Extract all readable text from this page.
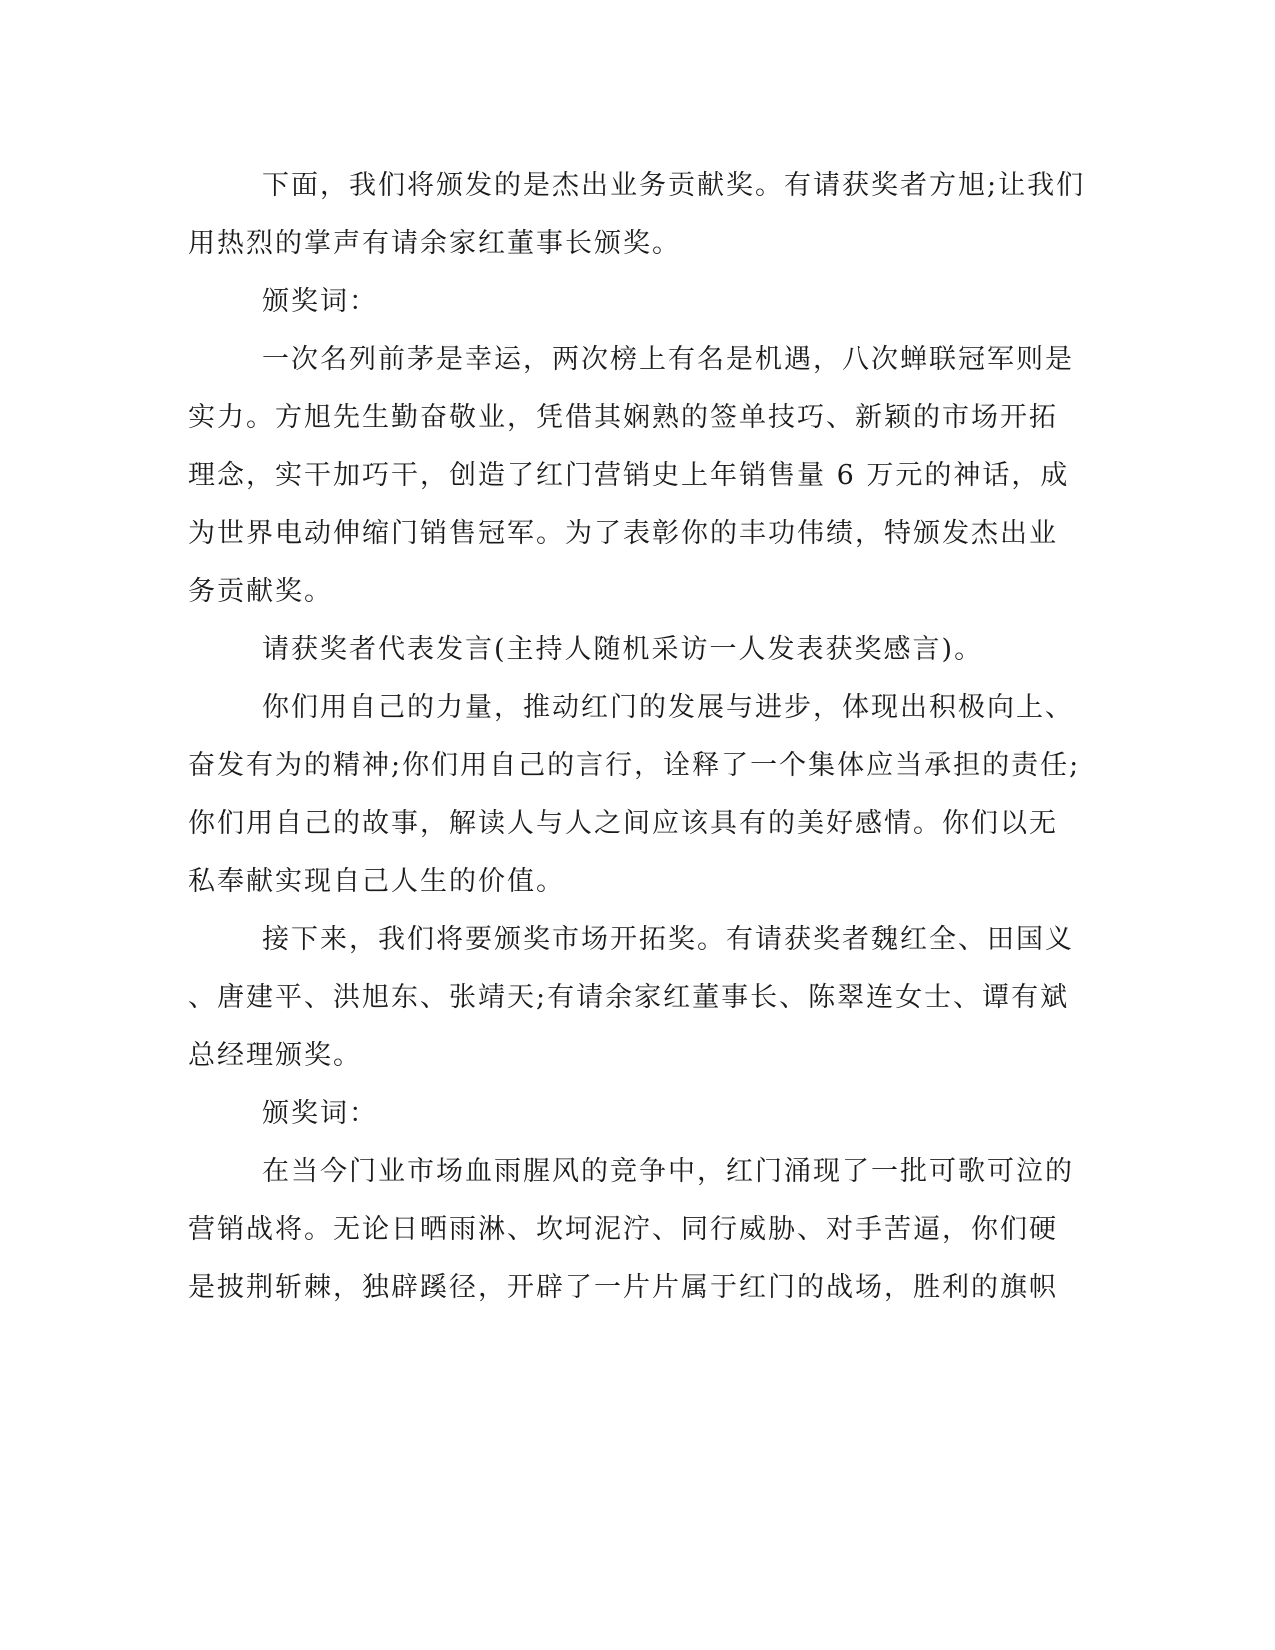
下面，我们将颁发的是杰出业务贡献奖。有请获奖者方旭;让我们

用热烈的掌声有请余家红董事长颁奖。

颁奖词：

一次名列前茅是幸运，两次榜上有名是机遇，八次蝉联冠军则是

实力。方旭先生勤奋敬业，凭借其娴熟的签单技巧、新颖的市场开拓

理念，实干加巧干，创造了红门营销史上年销售量 6 万元的神话，成

为世界电动伸缩门销售冠军。为了表彰你的丰功伟绩，特颁发杰出业

务贡献奖。

请获奖者代表发言(主持人随机采访一人发表获奖感言)。

你们用自己的力量，推动红门的发展与进步，体现出积极向上、

奋发有为的精神;你们用自己的言行，诠释了一个集体应当承担的责任;

你们用自己的故事，解读人与人之间应该具有的美好感情。你们以无

私奉献实现自己人生的价值。

接下来，我们将要颁奖市场开拓奖。有请获奖者魏红全、田国义

、唐建平、洪旭东、张靖天;有请余家红董事长、陈翠连女士、谭有斌

总经理颁奖。

颁奖词：

在当今门业市场血雨腥风的竞争中，红门涌现了一批可歌可泣的

营销战将。无论日晒雨淋、坎坷泥泞、同行威胁、对手苦逼，你们硬

是披荆斩棘，独辟蹊径，开辟了一片片属于红门的战场，胜利的旗帜
